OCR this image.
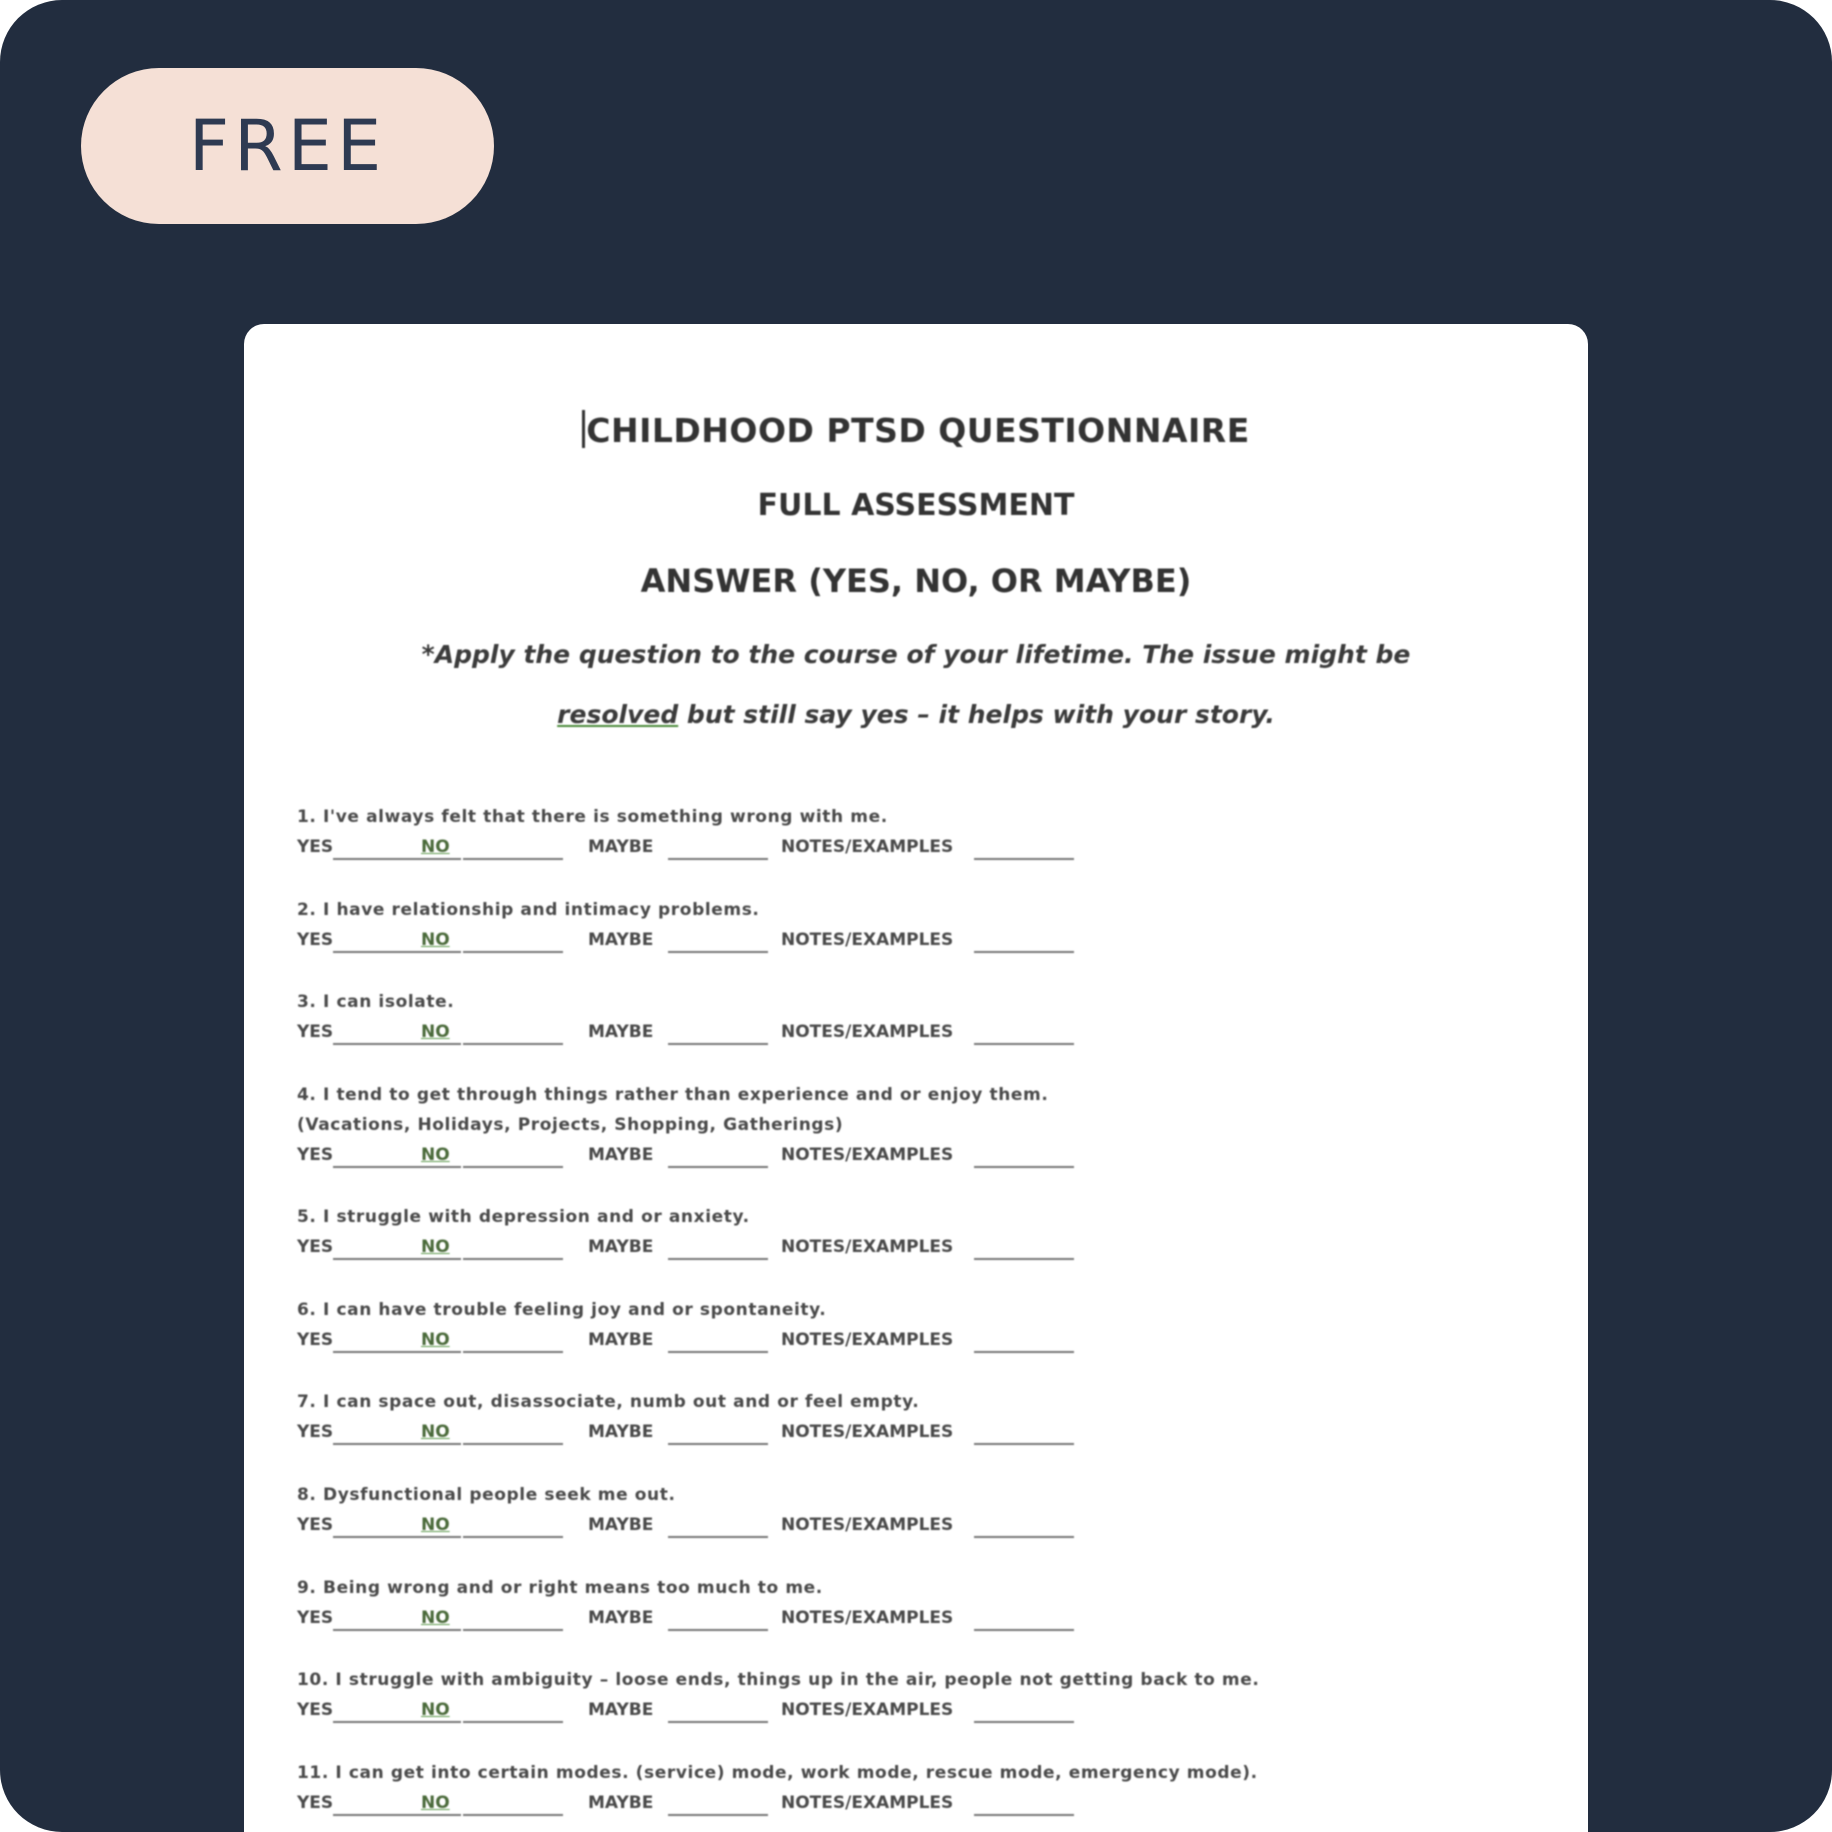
FREE
CHILDHOOD PTSD QUESTIONNAIRE
FULL ASSESSMENT
ANSWER (YES, NO, OR MAYBE)
*Apply the question to the course of your lifetime. The issue might be
resolved but still say yes – it helps with your story.
1. I've always felt that there is something wrong with me.
YES	NO	MAYBE	NOTES/EXAMPLES
2. I have relationship and intimacy problems.
YES	NO	MAYBE	NOTES/EXAMPLES
3. I can isolate.
YES	NO	MAYBE	NOTES/EXAMPLES
4. I tend to get through things rather than experience and or enjoy them.
(Vacations, Holidays, Projects, Shopping, Gatherings)
YES	NO	MAYBE	NOTES/EXAMPLES
5. I struggle with depression and or anxiety.
YES	NO	MAYBE	NOTES/EXAMPLES
6. I can have trouble feeling joy and or spontaneity.
YES	NO	MAYBE	NOTES/EXAMPLES
7. I can space out, disassociate, numb out and or feel empty.
YES	NO	MAYBE	NOTES/EXAMPLES
8. Dysfunctional people seek me out.
YES	NO	MAYBE	NOTES/EXAMPLES
9. Being wrong and or right means too much to me.
YES	NO	MAYBE	NOTES/EXAMPLES
10. I struggle with ambiguity – loose ends, things up in the air, people not getting back to me.
YES	NO	MAYBE	NOTES/EXAMPLES
11. I can get into certain modes. (service) mode, work mode, rescue mode, emergency mode).
YES	NO	MAYBE	NOTES/EXAMPLES
